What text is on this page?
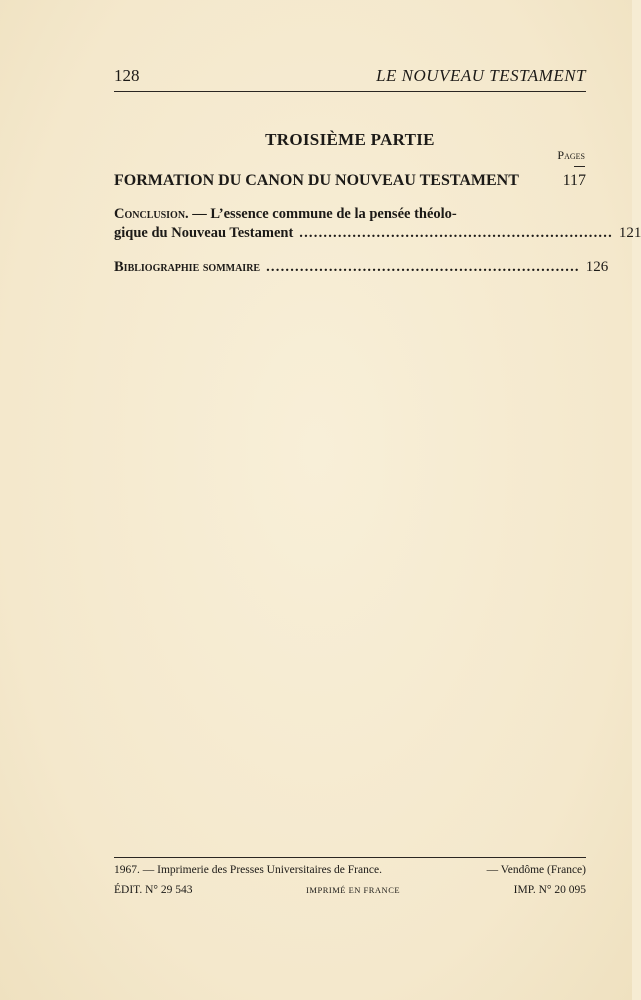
128	LE NOUVEAU TESTAMENT
TROISIÈME PARTIE
Pages
FORMATION DU CANON DU NOUVEAU TESTAMENT	117
Conclusion. — L’essence commune de la pensée théolo-
gique du Nouveau Testament ................................................................. 121
Bibliographie sommaire ................................................................. 126
1967. — Imprimerie des Presses Universitaires de France.	— Vendôme (France)
ÉDIT. N° 29 543	IMPRIMÉ EN FRANCE	IMP. N° 20 095
